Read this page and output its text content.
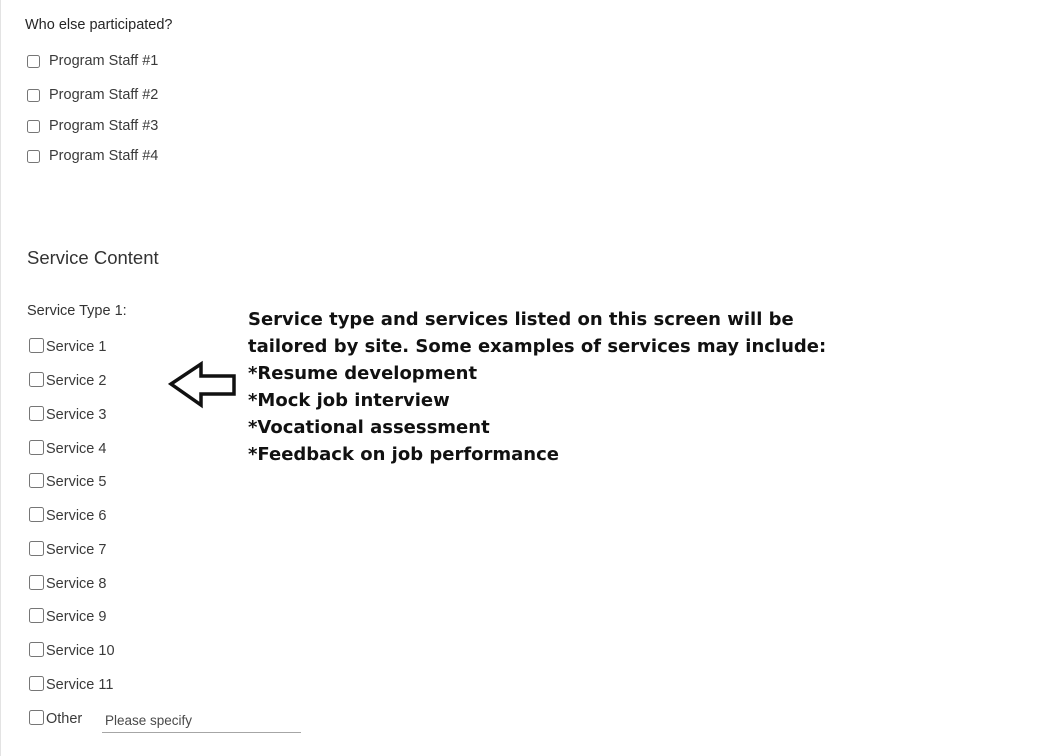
Who else participated?
Program Staff #1
Program Staff #2
Program Staff #3
Program Staff #4
Service Content
Service Type 1:
Service 1
Service 2
Service 3
Service 4
Service 5
Service 6
Service 7
Service 8
Service 9
Service 10
Service 11
Other
Please specify
Service type and services listed on this screen will be
tailored by site. Some examples of services may include:
*Resume development
*Mock job interview
*Vocational assessment
*Feedback on job performance
